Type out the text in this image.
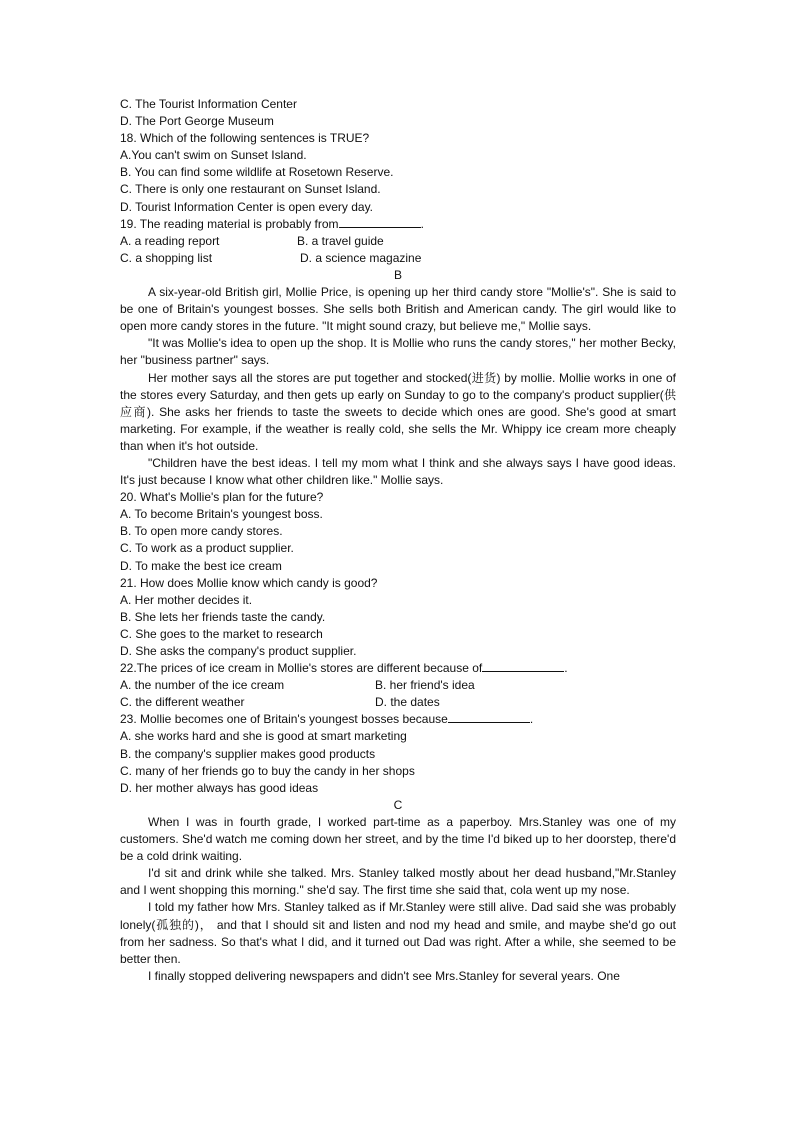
C. The Tourist Information Center
D. The Port George Museum
18. Which of the following sentences is TRUE?
A.You can't swim on Sunset Island.
B. You can find some wildlife at Rosetown Reserve.
C. There is only one restaurant on Sunset Island.
D. Tourist Information Center is open every day.
19. The reading material is probably from	.
A. a reading report	B. a travel guide
C. a shopping list	D. a science magazine
B
A six-year-old British girl, Mollie Price, is opening up her third candy store "Mollie's". She is said to be one of Britain's youngest bosses. She sells both British and American candy. The girl would like to open more candy stores in the future. "It might sound crazy, but believe me," Mollie says.
"It was Mollie's idea to open up the shop. It is Mollie who runs the candy stores," her mother Becky, her "business partner" says.
Her mother says all the stores are put together and stocked(进货) by mollie. Mollie works in one of the stores every Saturday, and then gets up early on Sunday to go to the company's product supplier(供应商). She asks her friends to taste the sweets to decide which ones are good. She's good at smart marketing. For example, if the weather is really cold, she sells the Mr. Whippy ice cream more cheaply than when it's hot outside.
"Children have the best ideas. I tell my mom what I think and she always says I have good ideas. It's just because I know what other children like." Mollie says.
20. What's Mollie's plan for the future?
A. To become Britain's youngest boss.
B. To open more candy stores.
C. To work as a product supplier.
D. To make the best ice cream
21. How does Mollie know which candy is good?
A. Her mother decides it.
B. She lets her friends taste the candy.
C. She goes to the market to research
D. She asks the company's product supplier.
22.The prices of ice cream in Mollie's stores are different because of	.
A. the number of the ice cream	B. her friend's idea
C. the different weather	D. the dates
23. Mollie becomes one of Britain's youngest bosses because	.
A. she works hard and she is good at smart marketing
B. the company's supplier makes good products
C. many of her friends go to buy the candy in her shops
D. her mother always has good ideas
C
When I was in fourth grade, I worked part-time as a paperboy. Mrs.Stanley was one of my customers. She'd watch me coming down her street, and by the time I'd biked up to her doorstep, there'd be a cold drink waiting.
I'd sit and drink while she talked. Mrs. Stanley talked mostly about her dead husband,"Mr.Stanley and I went shopping this morning." she'd say. The first time she said that, cola went up my nose.
I told my father how Mrs. Stanley talked as if Mr.Stanley were still alive. Dad said she was probably lonely(孤独的)， and that I should sit and listen and nod my head and smile, and maybe she'd go out from her sadness. So that's what I did, and it turned out Dad was right. After a while, she seemed to be better then.
I finally stopped delivering newspapers and didn't see Mrs.Stanley for several years. One
